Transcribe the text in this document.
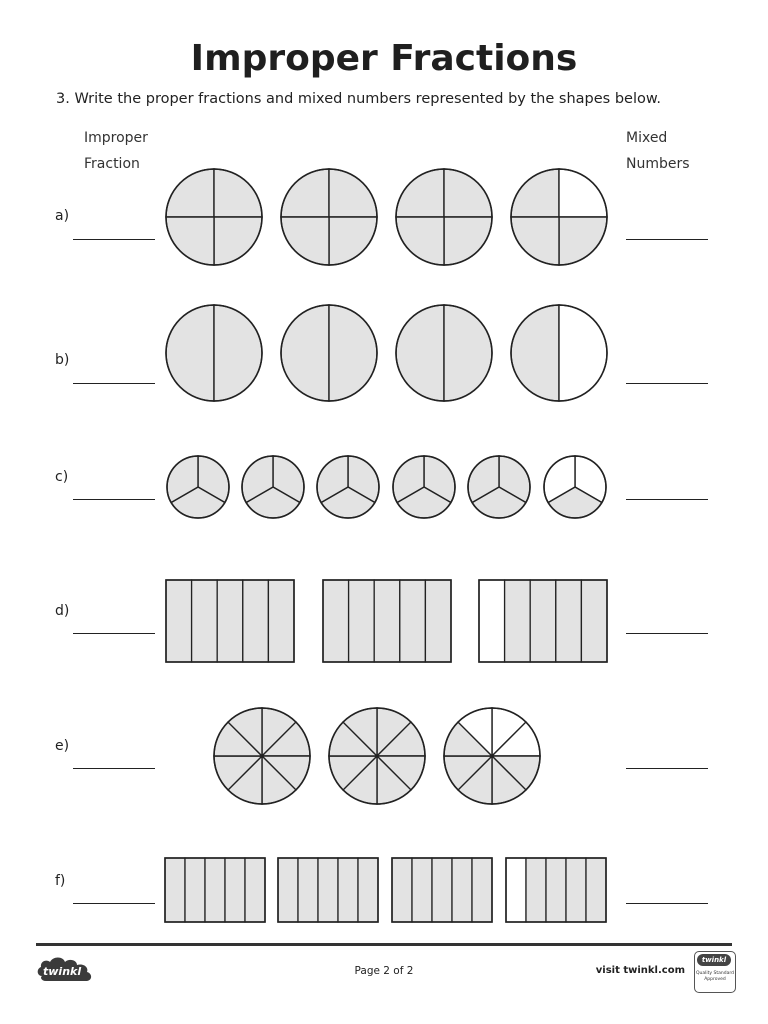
Improper Fractions
3. Write the proper fractions and mixed numbers represented by the shapes below.
Improper
Fraction
Mixed
Numbers
a)
b)
c)
d)
e)
f)
twinkl	Page 2 of 2	visit twinkl.com
twinkl
Quality Standard Approved
